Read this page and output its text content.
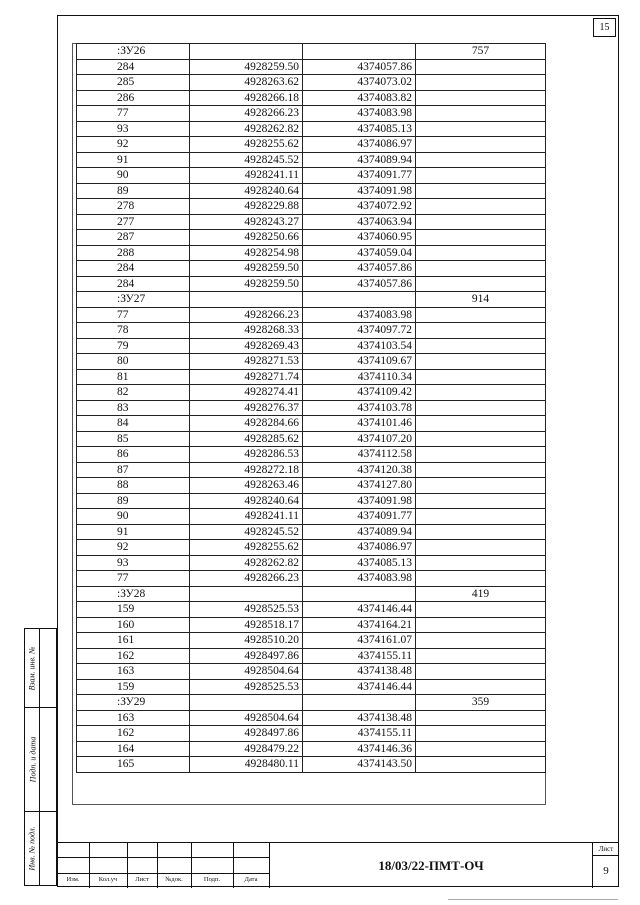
15
:ЗУ26			757
284	4928259.50	4374057.86	
285	4928263.62	4374073.02	
286	4928266.18	4374083.82	
77	4928266.23	4374083.98	
93	4928262.82	4374085.13	
92	4928255.62	4374086.97	
91	4928245.52	4374089.94	
90	4928241.11	4374091.77	
89	4928240.64	4374091.98	
278	4928229.88	4374072.92	
277	4928243.27	4374063.94	
287	4928250.66	4374060.95	
288	4928254.98	4374059.04	
284	4928259.50	4374057.86	
284	4928259.50	4374057.86	
:ЗУ27			914
77	4928266.23	4374083.98	
78	4928268.33	4374097.72	
79	4928269.43	4374103.54	
80	4928271.53	4374109.67	
81	4928271.74	4374110.34	
82	4928274.41	4374109.42	
83	4928276.37	4374103.78	
84	4928284.66	4374101.46	
85	4928285.62	4374107.20	
86	4928286.53	4374112.58	
87	4928272.18	4374120.38	
88	4928263.46	4374127.80	
89	4928240.64	4374091.98	
90	4928241.11	4374091.77	
91	4928245.52	4374089.94	
92	4928255.62	4374086.97	
93	4928262.82	4374085.13	
77	4928266.23	4374083.98	
:ЗУ28			419
159	4928525.53	4374146.44	
160	4928518.17	4374164.21	
161	4928510.20	4374161.07	
162	4928497.86	4374155.11	
163	4928504.64	4374138.48	
159	4928525.53	4374146.44	
:ЗУ29			359
163	4928504.64	4374138.48	
162	4928497.86	4374155.11	
164	4928479.22	4374146.36	
165	4928480.11	4374143.50	
Взам. инв. №
Подп. и дата
Инв. № подл.
Изм.	Кол.уч	Лист	№док.	Подп.	Дата
18/03/22-ПМТ-ОЧ
Лист
9
